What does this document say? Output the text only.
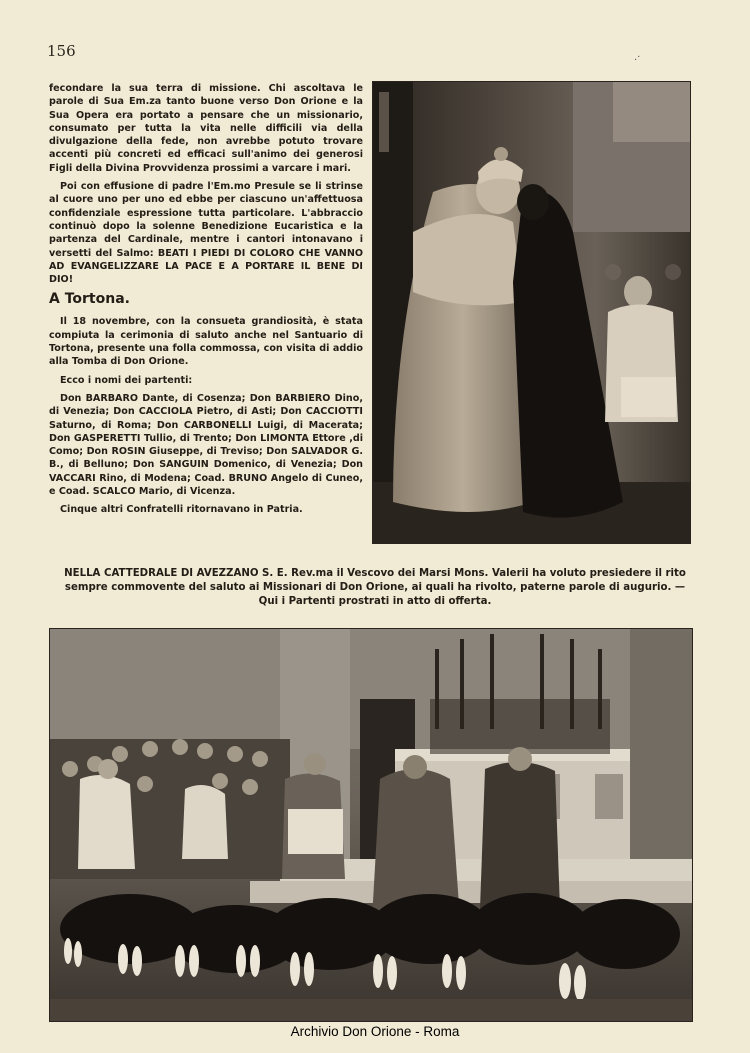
156	.·

fecondare la sua terra di missione. Chi ascoltava le parole di Sua Em.za tanto buone verso Don Orione e la Sua Opera era portato a pensare che un missionario, consumato per tutta la vita nelle difficili via della divulgazione della fede, non avrebbe potuto trovare accenti più concreti ed efficaci sull'animo dei generosi Figli della Divina Provvidenza prossimi a varcare i mari.

Poi con effusione di padre l'Em.mo Presule se li strinse al cuore uno per uno ed ebbe per ciascuno un'affettuosa confidenziale espressione tutta particolare. L'abbraccio continuò dopo la solenne Benedizione Eucaristica e la partenza del Cardinale, mentre i cantori intonavano i versetti del Salmo: BEATI I PIEDI DI COLORO CHE VANNO AD EVANGELIZZARE LA PACE E A PORTARE IL BENE DI DIO!

A Tortona.

Il 18 novembre, con la consueta grandiosità, è stata compiuta la cerimonia di saluto anche nel Santuario di Tortona, presente una folla commossa, con visita di addio alla Tomba di Don Orione.

Ecco i nomi dei partenti:

Don BARBARO Dante, di Cosenza; Don BARBIERO Dino, di Venezia; Don CACCIOLA Pietro, di Asti; Don CACCIOTTI Saturno, di Roma; Don CARBONELLI Luigi, di Macerata; Don GASPERETTI Tullio, di Trento; Don LIMONTA Ettore ,di Como; Don ROSIN Giuseppe, di Treviso; Don SALVADOR G. B., di Belluno; Don SANGUIN Domenico, di Venezia; Don VACCARI Rino, di Modena; Coad. BRUNO Angelo di Cuneo, e Coad. SCALCO Mario, di Vicenza.

Cinque altri Confratelli ritornavano in Patria.

NELLA CATTEDRALE DI AVEZZANO S. E. Rev.ma il Vescovo dei Marsi Mons. Valerii ha voluto presiedere il rito sempre commovente del saluto ai Missionari di Don Orione, ai quali ha rivolto, paterne parole di augurio. — Qui i Partenti prostrati in atto di offerta.
Archivio Don Orione - Roma
